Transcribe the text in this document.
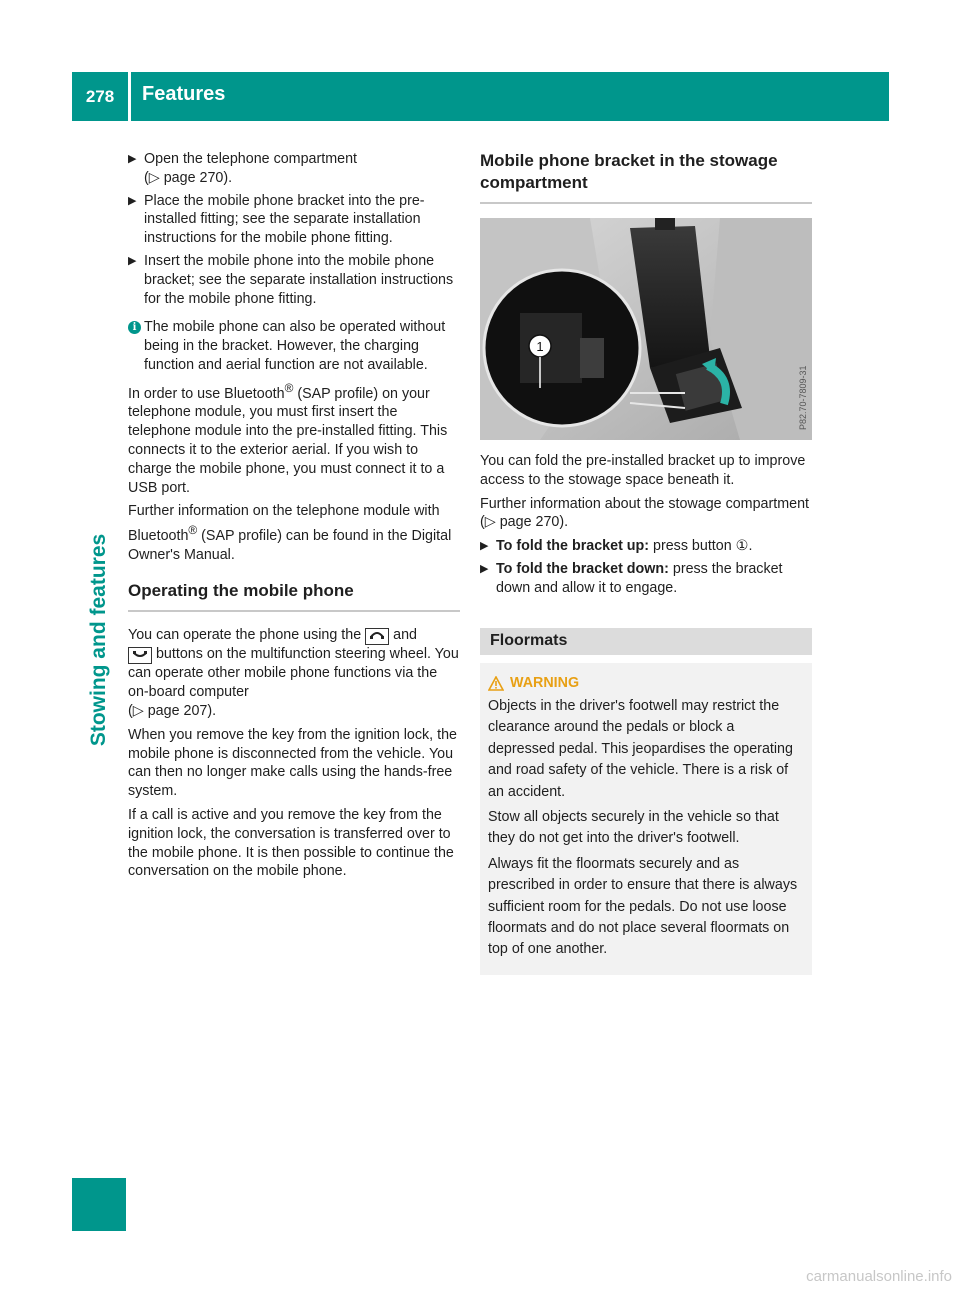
278	Features
Stowing and features
▶ Open the telephone compartment
(▷ page 270).
▶ Place the mobile phone bracket into the pre-installed fitting; see the separate installation instructions for the mobile phone fitting.
▶ Insert the mobile phone into the mobile phone bracket; see the separate installation instructions for the mobile phone fitting.
i The mobile phone can also be operated without being in the bracket. However, the charging function and aerial function are not available.

In order to use Bluetooth® (SAP profile) on your telephone module, you must first insert the telephone module into the pre-installed fitting. This connects it to the exterior aerial. If you wish to charge the mobile phone, you must connect it to a USB port.

Further information on the telephone module with Bluetooth® (SAP profile) can be found in the Digital Owner's Manual.

Operating the mobile phone

You can operate the phone using the and
buttons on the multifunction steering wheel. You can operate other mobile phone functions via the on-board computer
(▷ page 207).

When you remove the key from the ignition lock, the mobile phone is disconnected from the vehicle. You can then no longer make calls using the hands-free system.

If a call is active and you remove the key from the ignition lock, the conversation is transferred over to the mobile phone. It is then possible to continue the conversation on the mobile phone.

Mobile phone bracket in the stowage compartment
1
P82.70-7809-31

You can fold the pre-installed bracket up to improve access to the stowage space beneath it.

Further information about the stowage compartment (▷ page 270).

▶ To fold the bracket up: press button ①.
▶ To fold the bracket down: press the bracket down and allow it to engage.
Floormats
WARNING

Objects in the driver's footwell may restrict the clearance around the pedals or block a depressed pedal. This jeopardises the operating and road safety of the vehicle. There is a risk of an accident.

Stow all objects securely in the vehicle so that they do not get into the driver's footwell.

Always fit the floormats securely and as prescribed in order to ensure that there is always sufficient room for the pedals. Do not use loose floormats and do not place several floormats on top of one another.

carmanualsonline.info
